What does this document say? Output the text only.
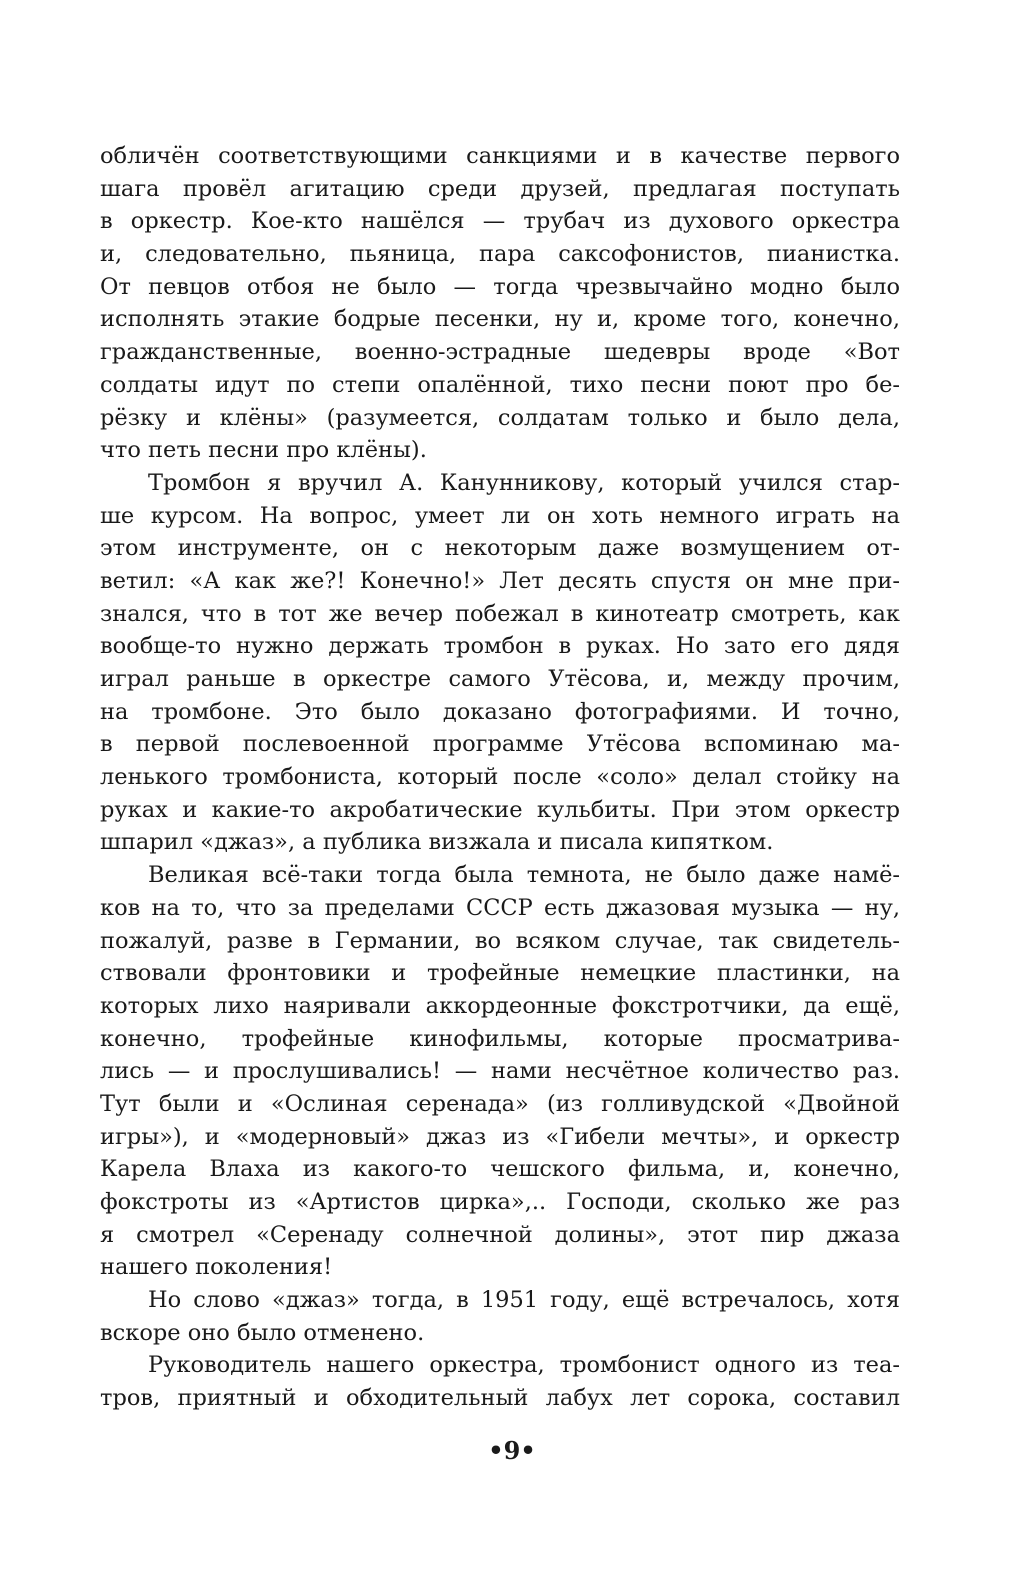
обличён соответствующими санкциями и в качестве первого
шага провёл агитацию среди друзей, предлагая поступать
в оркестр. Кое-кто нашёлся — трубач из духового оркестра
и, следовательно, пьяница, пара саксофонистов, пианистка.
От певцов отбоя не было — тогда чрезвычайно модно было
исполнять этакие бодрые песенки, ну и, кроме того, конечно,
гражданственные, военно-эстрадные шедевры вроде «Вот
солдаты идут по степи опалённой, тихо песни поют про бе-
рёзку и клёны» (разумеется, солдатам только и было дела,
что петь песни про клёны).
Тромбон я вручил А. Канунникову, который учился стар-
ше курсом. На вопрос, умеет ли он хоть немного играть на
этом инструменте, он с некоторым даже возмущением от-
ветил: «А как же?! Конечно!» Лет десять спустя он мне при-
знался, что в тот же вечер побежал в кинотеатр смотреть, как
вообще-то нужно держать тромбон в руках. Но зато его дядя
играл раньше в оркестре самого Утёсова, и, между прочим,
на тромбоне. Это было доказано фотографиями. И точно,
в первой послевоенной программе Утёсова вспоминаю ма-
ленького тромбониста, который после «соло» делал стойку на
руках и какие-то акробатические кульбиты. При этом оркестр
шпарил «джаз», а публика визжала и писала кипятком.
Великая всё-таки тогда была темнота, не было даже намё-
ков на то, что за пределами СССР есть джазовая музыка — ну,
пожалуй, разве в Германии, во всяком случае, так свидетель-
ствовали фронтовики и трофейные немецкие пластинки, на
которых лихо наяривали аккордеонные фокстротчики, да ещё,
конечно, трофейные кинофильмы, которые просматрива-
лись — и прослушивались! — нами несчётное количество раз.
Тут были и «Ослиная серенада» (из голливудской «Двойной
игры»), и «модерновый» джаз из «Гибели мечты», и оркестр
Карела Влаха из какого-то чешского фильма, и, конечно,
фокстроты из «Артистов цирка»,.. Господи, сколько же раз
я смотрел «Серенаду солнечной долины», этот пир джаза
нашего поколения!
Но слово «джаз» тогда, в 1951 году, ещё встречалось, хотя
вскоре оно было отменено.
Руководитель нашего оркестра, тромбонист одного из теа-
тров, приятный и обходительный лабух лет сорока, составил
•9•
